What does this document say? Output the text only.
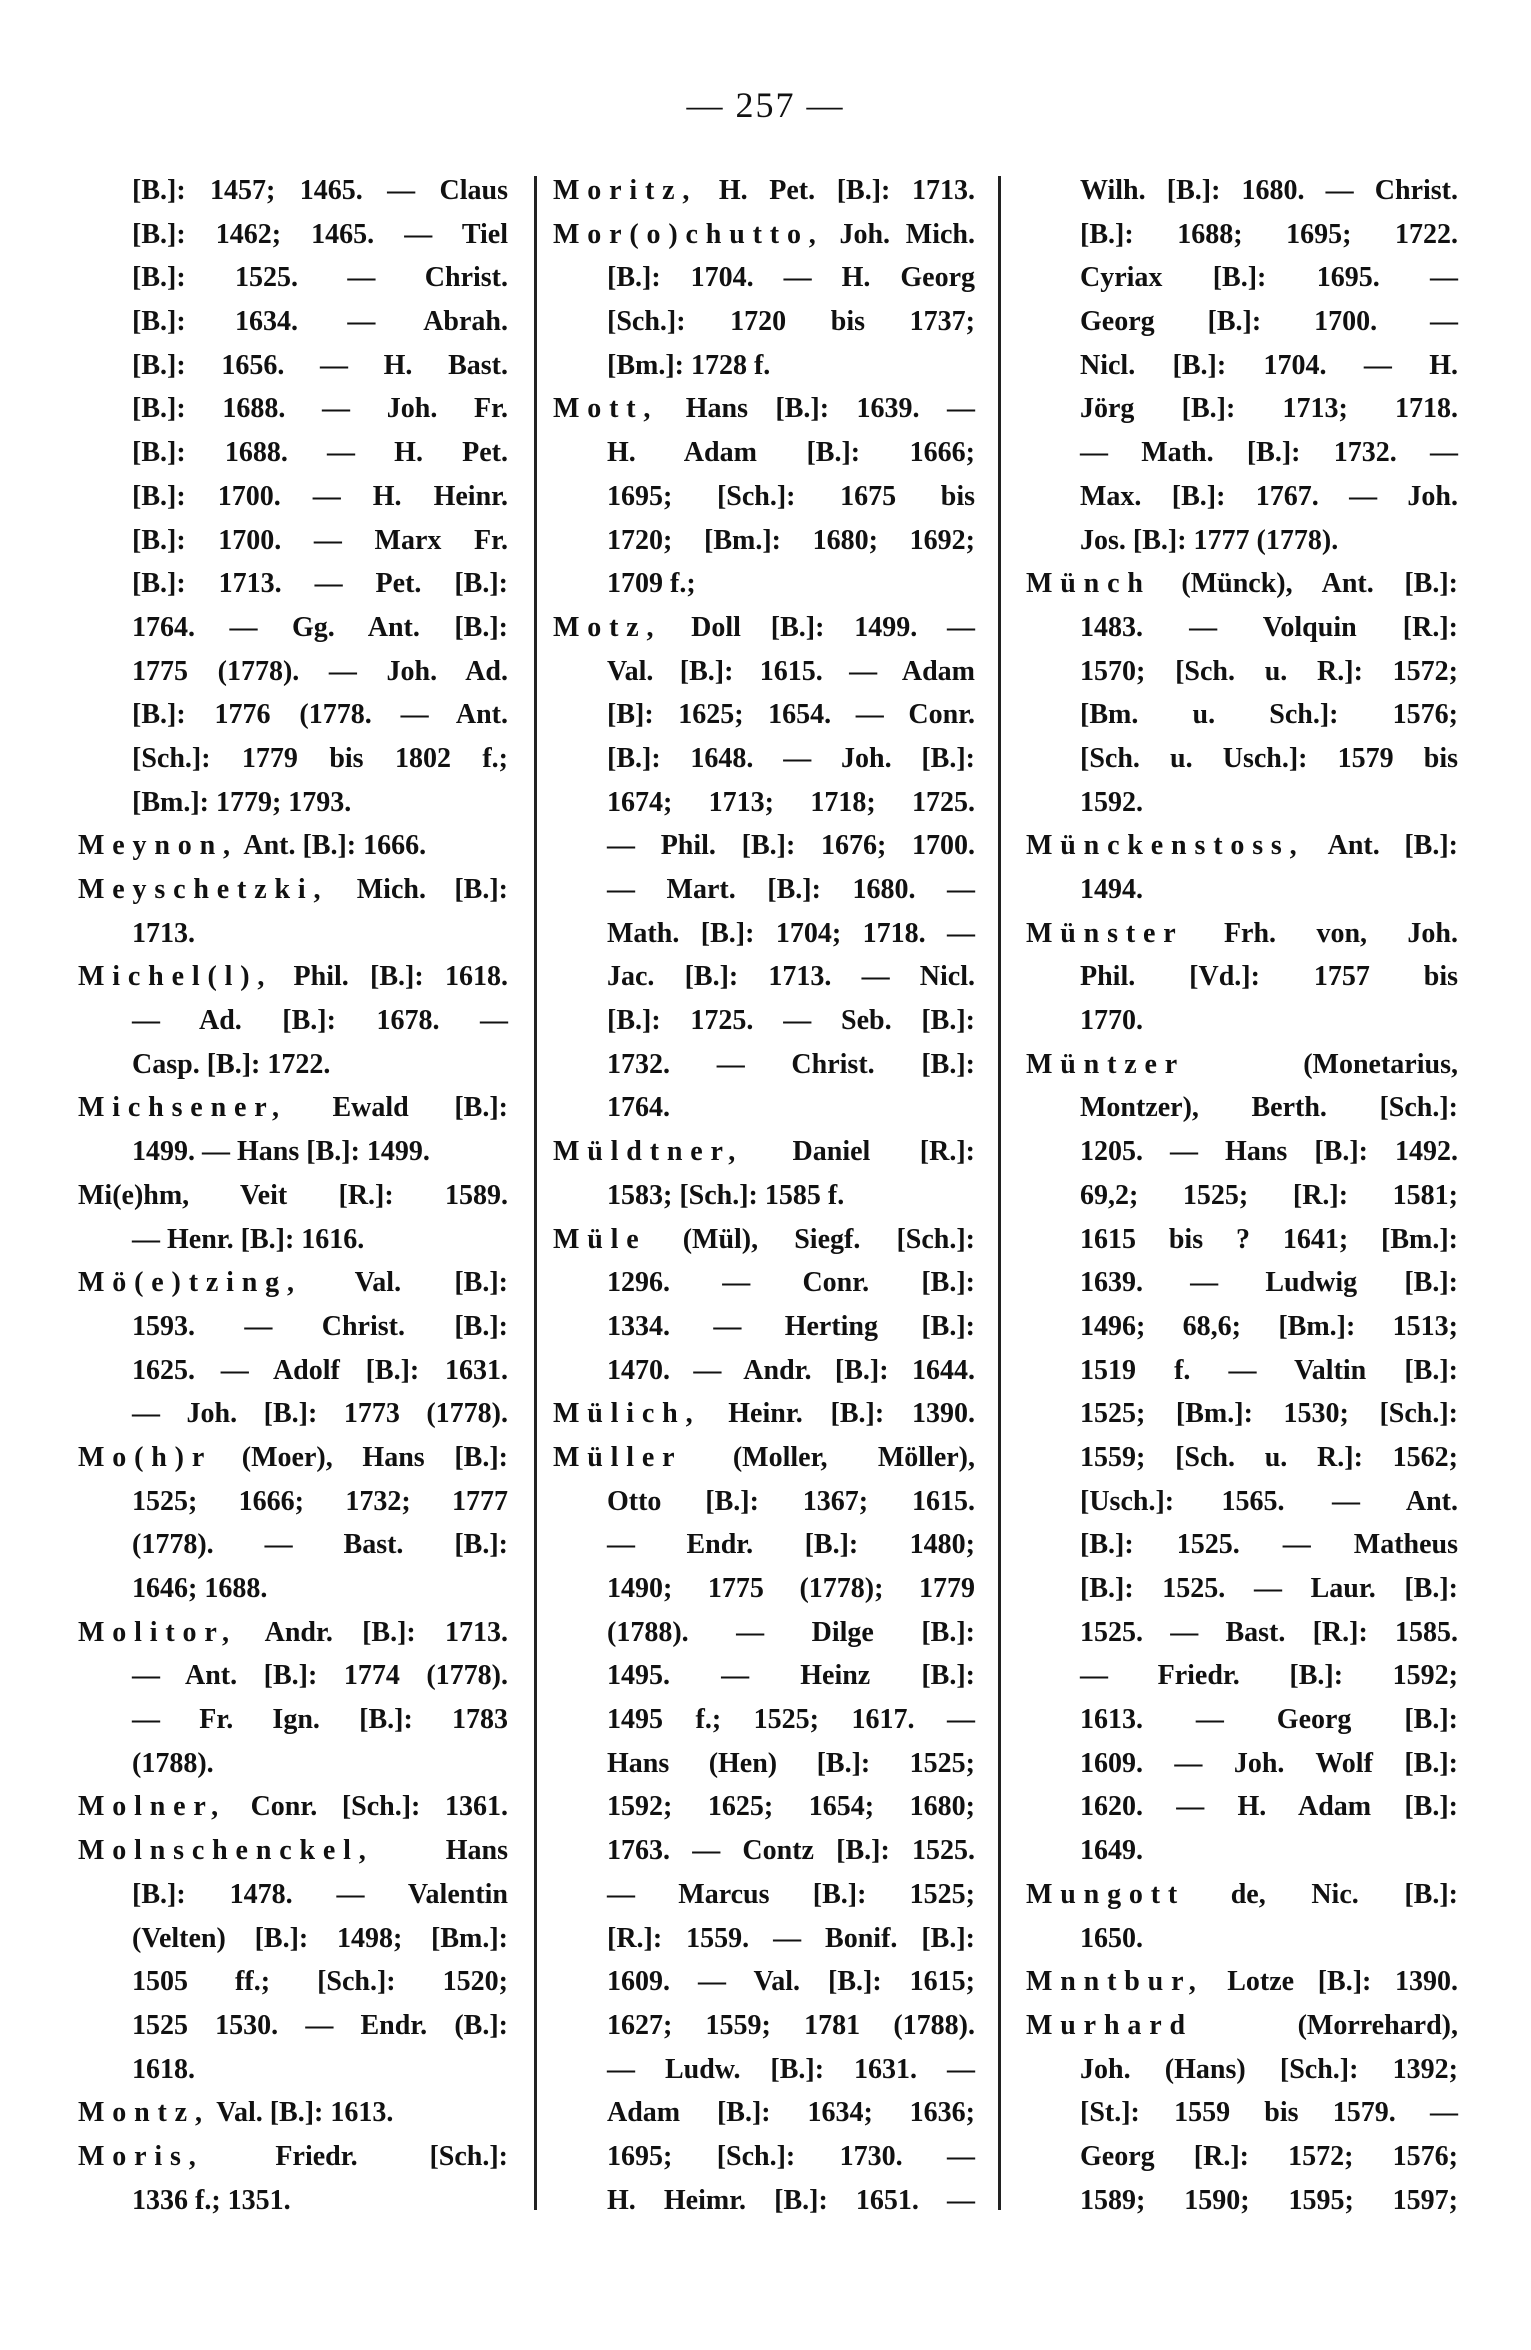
— 257 —
[B.]: 1457; 1465. — Claus
[B.]: 1462; 1465. — Tiel
[B.]: 1525. — Christ.
[B.]: 1634. — Abrah.
[B.]: 1656. — H. Bast.
[B.]: 1688. — Joh. Fr.
[B.]: 1688. — H. Pet.
[B.]: 1700. — H. Heinr.
[B.]: 1700. — Marx Fr.
[B.]: 1713. — Pet. [B.]:
1764. — Gg. Ant. [B.]:
1775 (1778). — Joh. Ad.
[B.]: 1776 (1778. — Ant.
[Sch.]: 1779 bis 1802 f.;
[Bm.]: 1779; 1793.
Meynon, Ant. [B.]: 1666.
Meyschetzki, Mich. [B.]:
1713.
Michel(l), Phil. [B.]: 1618.
— Ad. [B.]: 1678. —
Casp. [B.]: 1722.
Michsener, Ewald [B.]:
1499. — Hans [B.]: 1499.
Mi(e)hm, Veit [R.]: 1589.
— Henr. [B.]: 1616.
Mö(e)tzing, Val. [B.]:
1593. — Christ. [B.]:
1625. — Adolf [B.]: 1631.
— Joh. [B.]: 1773 (1778).
Mo(h)r (Moer), Hans [B.]:
1525; 1666; 1732; 1777
(1778). — Bast. [B.]:
1646; 1688.
Molitor, Andr. [B.]: 1713.
— Ant. [B.]: 1774 (1778).
— Fr. Ign. [B.]: 1783
(1788).
Molner, Conr. [Sch.]: 1361.
Molnschenckel, Hans
[B.]: 1478. — Valentin
(Velten) [B.]: 1498; [Bm.]:
1505 ff.; [Sch.]: 1520;
1525 1530. — Endr. (B.]:
1618.
Montz, Val. [B.]: 1613.
Moris, Friedr. [Sch.]:
1336 f.; 1351.
Moritz, H. Pet. [B.]: 1713.
Mor(o)chutto, Joh. Mich.
[B.]: 1704. — H. Georg
[Sch.]: 1720 bis 1737;
[Bm.]: 1728 f.
Mott, Hans [B.]: 1639. —
H. Adam [B.]: 1666;
1695; [Sch.]: 1675 bis
1720; [Bm.]: 1680; 1692;
1709 f.;
Motz, Doll [B.]: 1499. —
Val. [B.]: 1615. — Adam
[B]: 1625; 1654. — Conr.
[B.]: 1648. — Joh. [B.]:
1674; 1713; 1718; 1725.
— Phil. [B.]: 1676; 1700.
— Mart. [B.]: 1680. —
Math. [B.]: 1704; 1718. —
Jac. [B.]: 1713. — Nicl.
[B.]: 1725. — Seb. [B.]:
1732. — Christ. [B.]:
1764.
Müldtner, Daniel [R.]:
1583; [Sch.]: 1585 f.
Müle (Mül), Siegf. [Sch.]:
1296. — Conr. [B.]:
1334. — Herting [B.]:
1470. — Andr. [B.]: 1644.
Mülich, Heinr. [B.]: 1390.
Müller (Moller, Möller),
Otto [B.]: 1367; 1615.
— Endr. [B.]: 1480;
1490; 1775 (1778); 1779
(1788). — Dilge [B.]:
1495. — Heinz [B.]:
1495 f.; 1525; 1617. —
Hans (Hen) [B.]: 1525;
1592; 1625; 1654; 1680;
1763. — Contz [B.]: 1525.
— Marcus [B.]: 1525;
[R.]: 1559. — Bonif. [B.]:
1609. — Val. [B.]: 1615;
1627; 1559; 1781 (1788).
— Ludw. [B.]: 1631. —
Adam [B.]: 1634; 1636;
1695; [Sch.]: 1730. —
H. Heimr. [B.]: 1651. —
Wilh. [B.]: 1680. — Christ.
[B.]: 1688; 1695; 1722.
Cyriax [B.]: 1695. —
Georg [B.]: 1700. —
Nicl. [B.]: 1704. — H.
Jörg [B.]: 1713; 1718.
— Math. [B.]: 1732. —
Max. [B.]: 1767. — Joh.
Jos. [B.]: 1777 (1778).
Münch (Münck), Ant. [B.]:
1483. — Volquin [R.]:
1570; [Sch. u. R.]: 1572;
[Bm. u. Sch.]: 1576;
[Sch. u. Usch.]: 1579 bis
1592.
Münckenstoss, Ant. [B.]:
1494.
Münster Frh. von, Joh.
Phil. [Vd.]: 1757 bis
1770.
Müntzer (Monetarius,
Montzer), Berth. [Sch.]:
1205. — Hans [B.]: 1492.
69,2; 1525; [R.]: 1581;
1615 bis ? 1641; [Bm.]:
1639. — Ludwig [B.]:
1496; 68,6; [Bm.]: 1513;
1519 f. — Valtin [B.]:
1525; [Bm.]: 1530; [Sch.]:
1559; [Sch. u. R.]: 1562;
[Usch.]: 1565. — Ant.
[B.]: 1525. — Matheus
[B.]: 1525. — Laur. [B.]:
1525. — Bast. [R.]: 1585.
— Friedr. [B.]: 1592;
1613. — Georg [B.]:
1609. — Joh. Wolf [B.]:
1620. — H. Adam [B.]:
1649.
Mungott de, Nic. [B.]:
1650.
Mnntbur, Lotze [B.]: 1390.
Murhard (Morrehard),
Joh. (Hans) [Sch.]: 1392;
[St.]: 1559 bis 1579. —
Georg [R.]: 1572; 1576;
1589; 1590; 1595; 1597;
